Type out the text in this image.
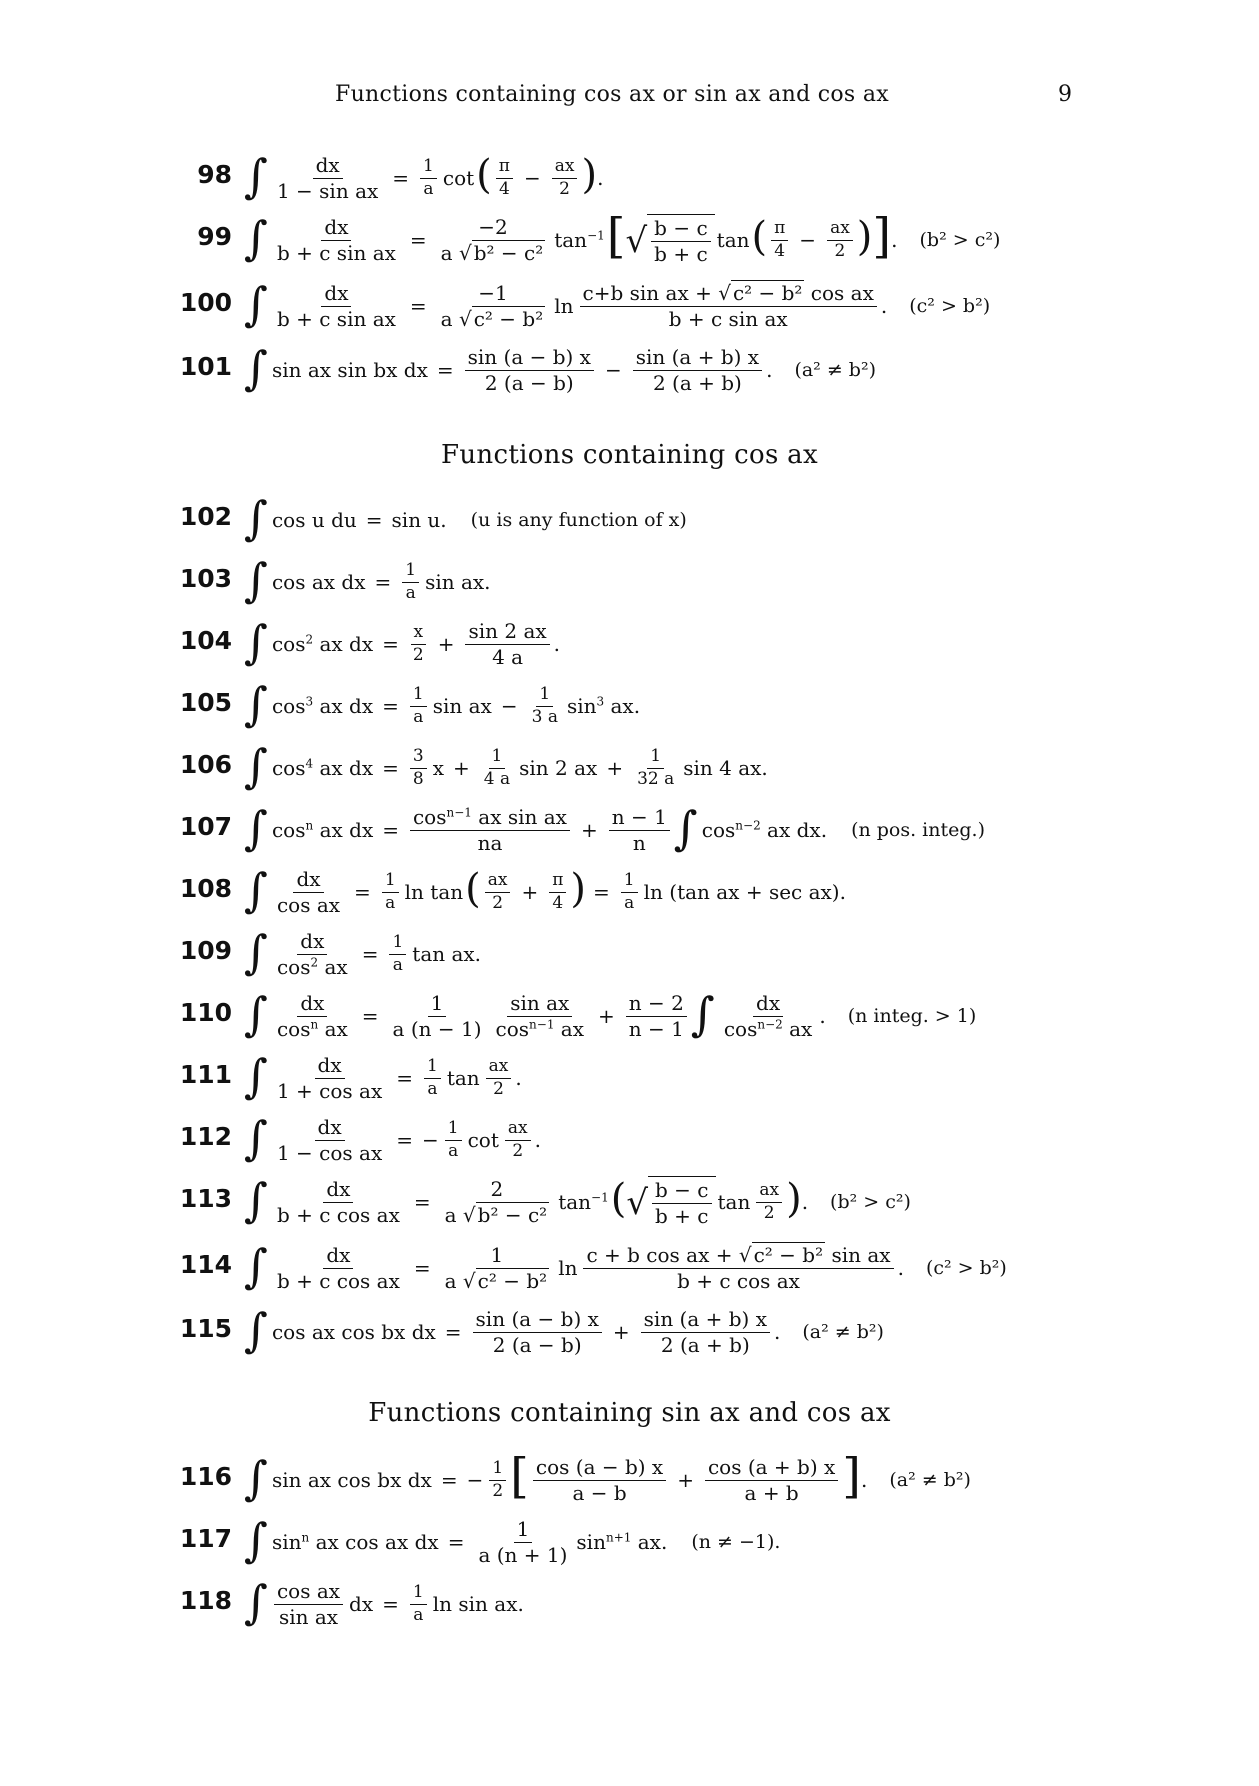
Functions containing cos ax or sin ax and cos ax	9
98 ∫ $\frac{dx}{\text{1 − sin ax}} = \frac{1}{a}$ cot ( $\frac{\pi}{4} - \frac{ax}{2}$ ) .
99 ∫ $\frac{dx}{\text{b + c sin ax}} = \frac{-2}{\text{a √ b² − c²}} \tan^{-1}$ [ √ $\frac{b - c}{b + c}$ tan ( $\frac{\pi}{4} - \frac{ax}{2}$ ) ] . (b² > c²)
100 ∫ $\frac{dx}{\text{b + c sin ax}} = \frac{-1}{\text{a √ c² − b²}}$ $\ln \frac{\text{c+b sin ax + √ c² − b² cos ax}}{\text{b + c sin ax}}$ . (c² > b²)
101 ∫ sin ax sin bx dx = $\frac{\sin (a - b) x}{2 (a - b)} - \frac{\sin (a + b) x}{2 (a + b)}$ . (a² ≠ b²)
Functions containing cos ax
102 ∫ cos u du = sin u. (u is any function of x)
103 ∫ cos ax dx = $\frac{1}{a}$ sin ax.
104 ∫ $\cos^2$ ax dx = $\frac{x}{2} + \frac{\sin 2 ax}{4 a}$ .
105 ∫ $\cos^3$ ax dx = $\frac{1}{a}$ sin ax − $\frac{1}{3 a} \sin^3$ ax.
106 ∫ $\cos^4$ ax dx = $\frac{3}{8}$ $x + \frac{1}{4 a}$ sin 2 ax + $\frac{1}{32 a}$ sin 4 ax.
107 ∫ $\cos^n$ ax dx = $\frac{\cos^{n-1} ax \sin ax}{na} + \frac{n - 1}{n}$ ∫ $\cos^{n-2}$ ax dx. (n pos. integ.)
108 ∫ $\frac{dx}{\text{cos ax}} = \frac{1}{a}$ ln tan ( $\frac{ax}{2} + \frac{\pi}{4}$ ) = $\frac{1}{a}$ ln (tan ax + sec ax).
109 ∫ $\frac{dx}{\cos^2 ax} = \frac{1}{a}$ tan ax.
110 ∫ $\frac{dx}{\cos^n ax} = \frac{1}{a (n - 1)} \frac{\text{sin ax}}{\cos^{n-1} ax} + \frac{n - 2}{n - 1}$ ∫ $\frac{dx}{\cos^{n-2} ax}$ . (n integ. > 1)
111 ∫ $\frac{dx}{\text{1 + cos ax}} = \frac{1}{a}$ $\tan \frac{ax}{2}$ .
112 ∫ $\frac{dx}{\text{1 − cos ax}}$ = − $\frac{1}{a}$ $\cot \frac{ax}{2}$ .
113 ∫ $\frac{dx}{\text{b + c cos ax}} = \frac{2}{\text{a √ b² − c²}} \tan^{-1}$ ( √ $\frac{b - c}{b + c}$ $\tan \frac{ax}{2}$ ) . (b² > c²)
114 ∫ $\frac{dx}{\text{b + c cos ax}} = \frac{1}{\text{a √ c² − b²}}$ $\ln \frac{\text{c + b cos ax + √ c² − b² sin ax}}{\text{b + c cos ax}}$ . (c² > b²)
115 ∫ cos ax cos bx dx = $\frac{\sin (a - b) x}{2 (a - b)} + \frac{\sin (a + b) x}{2 (a + b)}$ . (a² ≠ b²)
Functions containing sin ax and cos ax
116 ∫ sin ax cos bx dx = − $\frac{1}{2}$ [ $\frac{\cos (a - b) x}{a - b} + \frac{\cos (a + b) x}{a + b}$ ] . (a² ≠ b²)
117 ∫ $\sin^n$ ax cos ax dx = $\frac{1}{a (n + 1)} \sin^{n+1}$ ax. (n ≠ −1).
118 ∫ $\frac{\text{cos ax}}{\text{sin ax}}$ dx = $\frac{1}{a}$ ln sin ax.
